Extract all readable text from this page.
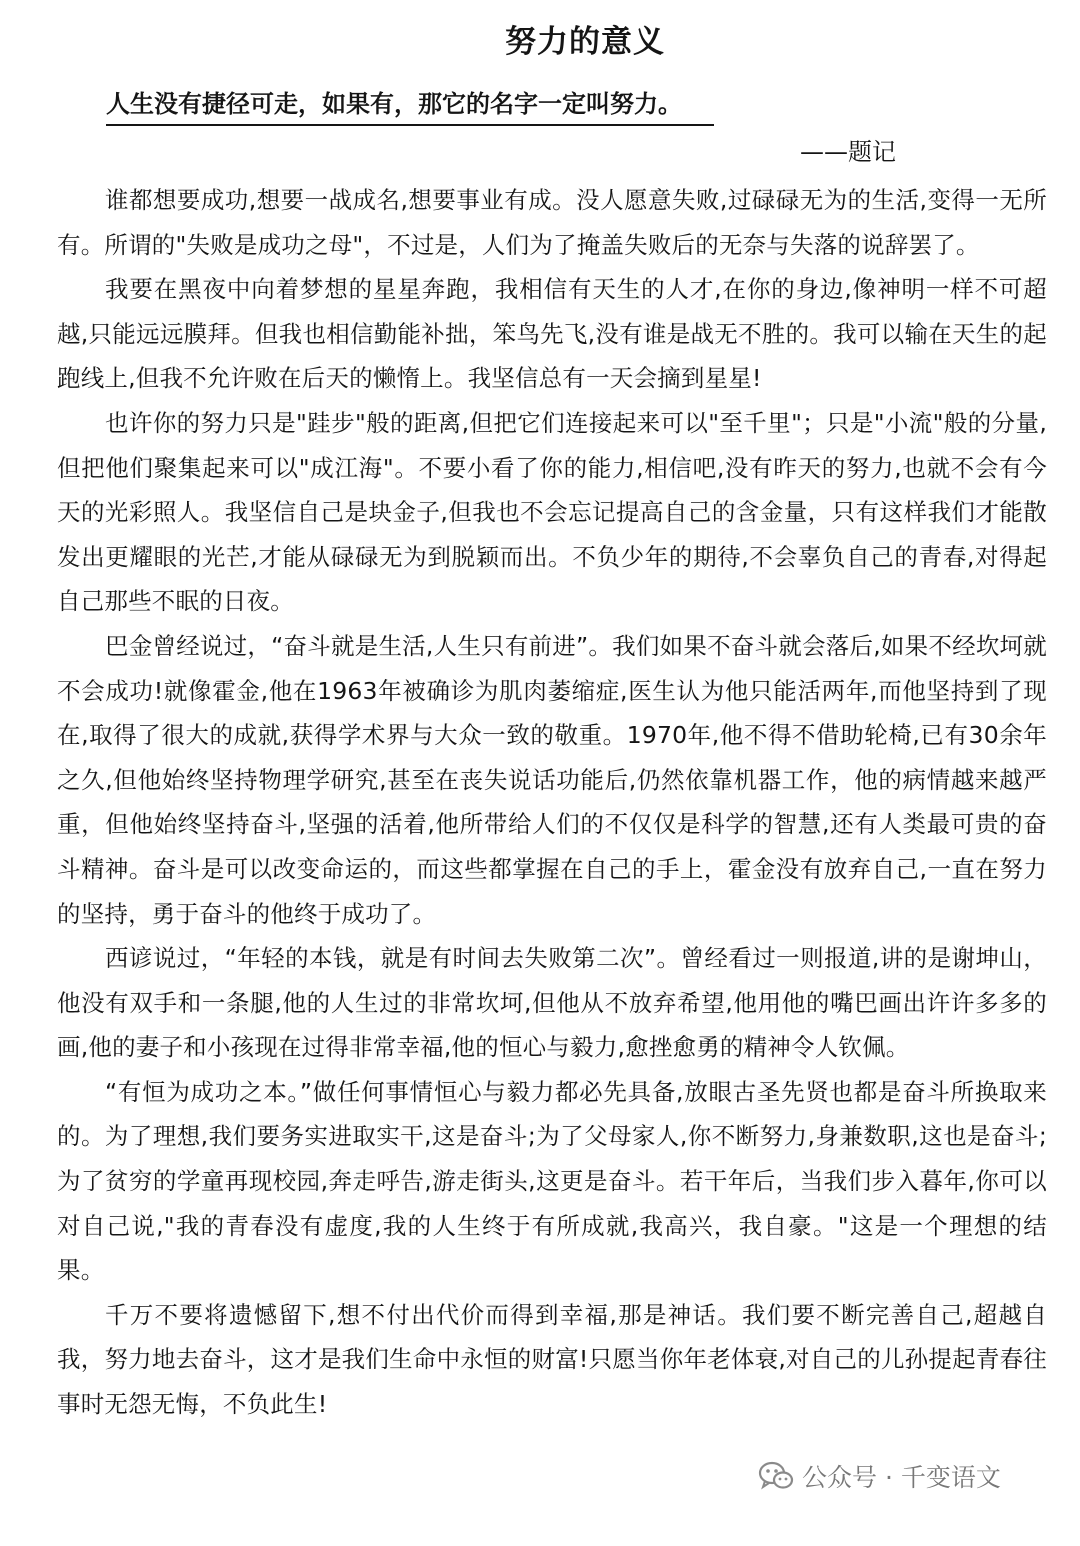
努力的意义
人生没有捷径可走，如果有，那它的名字一定叫努力。
——题记

谁都想要成功,想要一战成名,想要事业有成。没人愿意失败,过碌碌无为的生活,变得一无所有。所谓的"失败是成功之母"，不过是，人们为了掩盖失败后的无奈与失落的说辞罢了。

我要在黑夜中向着梦想的星星奔跑，我相信有天生的人才,在你的身边,像神明一样不可超越,只能远远膜拜。但我也相信勤能补拙，笨鸟先飞,没有谁是战无不胜的。我可以输在天生的起跑线上,但我不允许败在后天的懒惰上。我坚信总有一天会摘到星星!

也许你的努力只是"跬步"般的距离,但把它们连接起来可以"至千里"；只是"小流"般的分量,但把他们聚集起来可以"成江海"。不要小看了你的能力,相信吧,没有昨天的努力,也就不会有今天的光彩照人。我坚信自己是块金子,但我也不会忘记提高自己的含金量，只有这样我们才能散发出更耀眼的光芒,才能从碌碌无为到脱颖而出。不负少年的期待,不会辜负自己的青春,对得起自己那些不眠的日夜。

巴金曾经说过，“奋斗就是生活,人生只有前进”。我们如果不奋斗就会落后,如果不经坎坷就不会成功!就像霍金,他在1963年被确诊为肌肉萎缩症,医生认为他只能活两年,而他坚持到了现在,取得了很大的成就,获得学术界与大众一致的敬重。1970年,他不得不借助轮椅,已有30余年之久,但他始终坚持物理学研究,甚至在丧失说话功能后,仍然依靠机器工作，他的病情越来越严重，但他始终坚持奋斗,坚强的活着,他所带给人们的不仅仅是科学的智慧,还有人类最可贵的奋斗精神。奋斗是可以改变命运的，而这些都掌握在自己的手上，霍金没有放弃自己,一直在努力的坚持，勇于奋斗的他终于成功了。

西谚说过，“年轻的本钱，就是有时间去失败第二次”。曾经看过一则报道,讲的是谢坤山，他没有双手和一条腿,他的人生过的非常坎坷,但他从不放弃希望,他用他的嘴巴画出许许多多的画,他的妻子和小孩现在过得非常幸福,他的恒心与毅力,愈挫愈勇的精神令人钦佩。

“有恒为成功之本。”做任何事情恒心与毅力都必先具备,放眼古圣先贤也都是奋斗所换取来的。为了理想,我们要务实进取实干,这是奋斗;为了父母家人,你不断努力,身兼数职,这也是奋斗;为了贫穷的学童再现校园,奔走呼告,游走街头,这更是奋斗。若干年后，当我们步入暮年,你可以对自己说,"我的青春没有虚度,我的人生终于有所成就,我高兴，我自豪。"这是一个理想的结果。

千万不要将遗憾留下,想不付出代价而得到幸福,那是神话。我们要不断完善自己,超越自我，努力地去奋斗，这才是我们生命中永恒的财富!只愿当你年老体衰,对自己的儿孙提起青春往事时无怨无悔，不负此生!

公众号 · 千变语文
